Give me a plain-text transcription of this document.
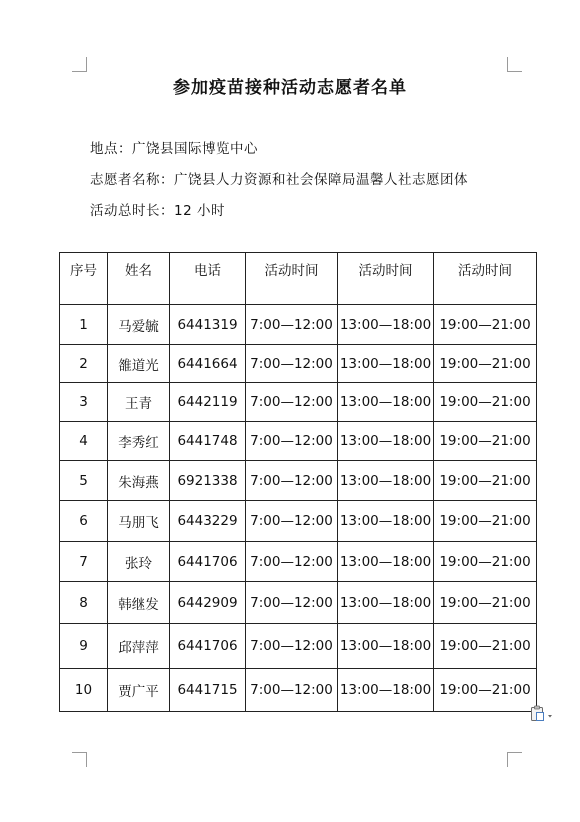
参加疫苗接种活动志愿者名单
地点：广饶县国际博览中心
志愿者名称：广饶县人力资源和社会保障局温馨人社志愿团体
活动总时长：12 小时
序号	姓名	电话	活动时间	活动时间	活动时间
1	马爱毓	6441319	7:00—12:00	13:00—18:00	19:00—21:00
2	雒道光	6441664	7:00—12:00	13:00—18:00	19:00—21:00
3	王青	6442119	7:00—12:00	13:00—18:00	19:00—21:00
4	李秀红	6441748	7:00—12:00	13:00—18:00	19:00—21:00
5	朱海燕	6921338	7:00—12:00	13:00—18:00	19:00—21:00
6	马朋飞	6443229	7:00—12:00	13:00—18:00	19:00—21:00
7	张玲	6441706	7:00—12:00	13:00—18:00	19:00—21:00
8	韩继发	6442909	7:00—12:00	13:00—18:00	19:00—21:00
9	邱萍萍	6441706	7:00—12:00	13:00—18:00	19:00—21:00
10	贾广平	6441715	7:00—12:00	13:00—18:00	19:00—21:00
